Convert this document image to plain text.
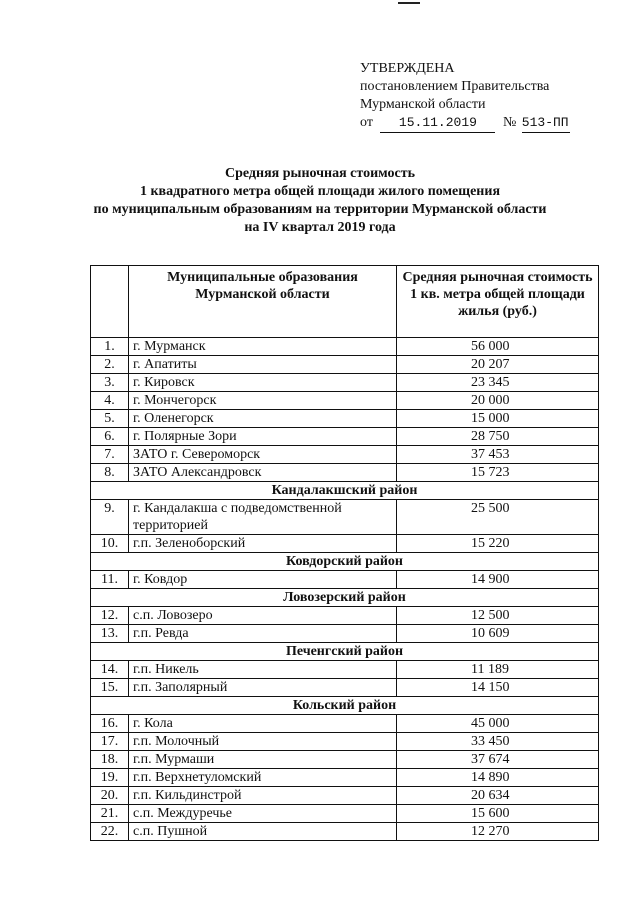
УТВЕРЖДЕНА
постановлением Правительства
Мурманской области
от 15.11.2019 № 513-ПП
Средняя рыночная стоимость
1 квадратного метра общей площади жилого помещения
по муниципальным образованиям на территории Мурманской области
на IV квартал 2019 года
	Муниципальные образования Мурманской области	Средняя рыночная стоимость 1 кв. метра общей площади жилья (руб.)
1.	г. Мурманск	56 000
2.	г. Апатиты	20 207
3.	г. Кировск	23 345
4.	г. Мончегорск	20 000
5.	г. Оленегорск	15 000
6.	г. Полярные Зори	28 750
7.	ЗАТО г. Североморск	37 453
8.	ЗАТО Александровск	15 723
Кандалакшский район		
9.	г. Кандалакша с подведомственной территорией	25 500
10.	г.п. Зеленоборский	15 220
Ковдорский район		
11.	г. Ковдор	14 900
Ловозерский район		
12.	с.п. Ловозеро	12 500
13.	г.п. Ревда	10 609
Печенгский район		
14.	г.п. Никель	11 189
15.	г.п. Заполярный	14 150
Кольский район		
16.	г. Кола	45 000
17.	г.п. Молочный	33 450
18.	г.п. Мурмаши	37 674
19.	г.п. Верхнетуломский	14 890
20.	г.п. Кильдинстрой	20 634
21.	с.п. Междуречье	15 600
22.	с.п. Пушной	12 270
